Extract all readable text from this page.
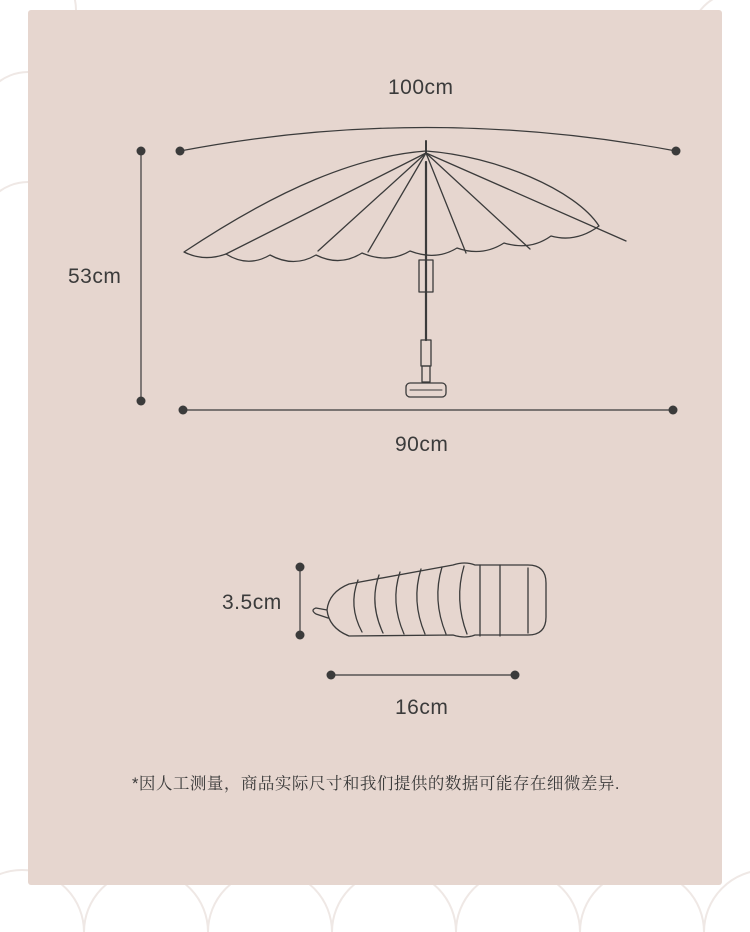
100cm
53cm
90cm
3.5cm
16cm
*因人工测量，商品实际尺寸和我们提供的数据可能存在细微差异.
